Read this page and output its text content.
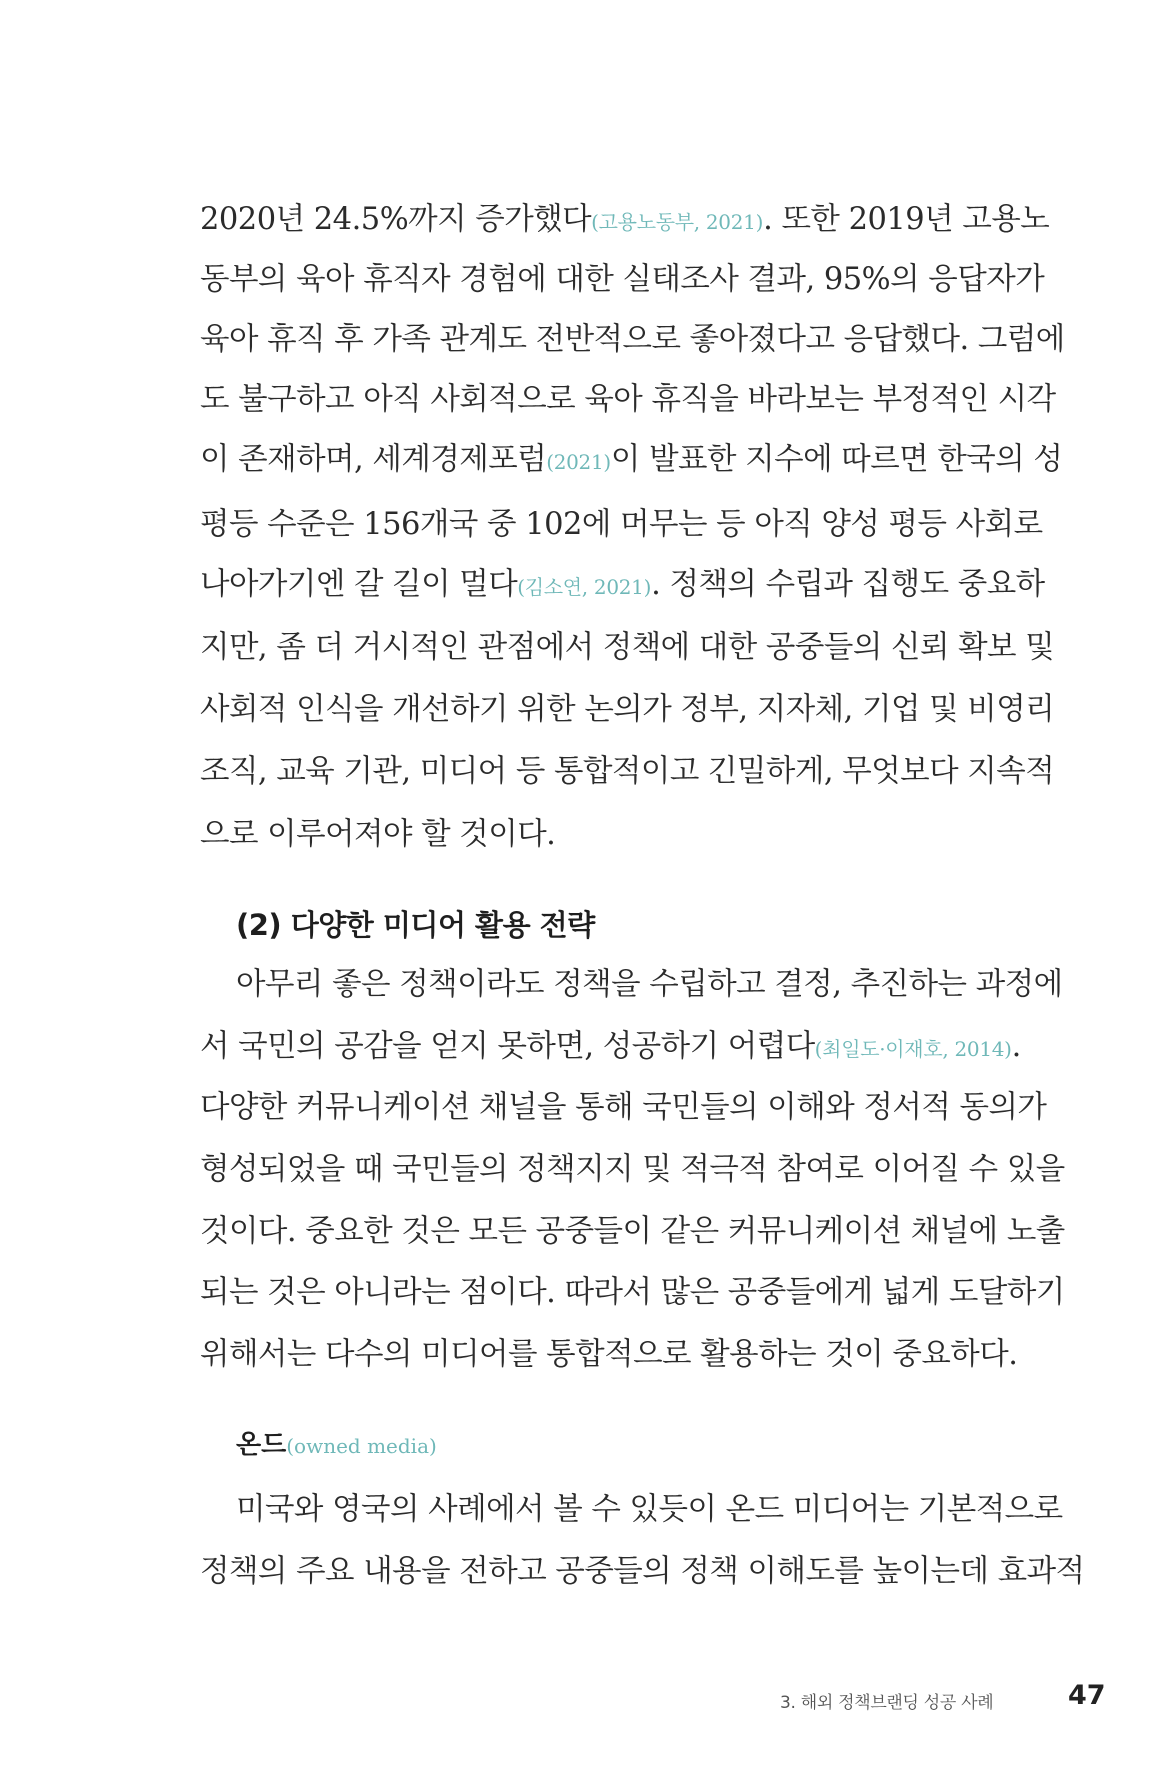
2020년 24.5%까지 증가했다(고용노동부, 2021). 또한 2019년 고용노
동부의 육아 휴직자 경험에 대한 실태조사 결과, 95%의 응답자가
육아 휴직 후 가족 관계도 전반적으로 좋아졌다고 응답했다. 그럼에
도 불구하고 아직 사회적으로 육아 휴직을 바라보는 부정적인 시각
이 존재하며, 세계경제포럼(2021)이 발표한 지수에 따르면 한국의 성
평등 수준은 156개국 중 102에 머무는 등 아직 양성 평등 사회로
나아가기엔 갈 길이 멀다(김소연, 2021). 정책의 수립과 집행도 중요하
지만, 좀 더 거시적인 관점에서 정책에 대한 공중들의 신뢰 확보 및
사회적 인식을 개선하기 위한 논의가 정부, 지자체, 기업 및 비영리
조직, 교육 기관, 미디어 등 통합적이고 긴밀하게, 무엇보다 지속적
으로 이루어져야 할 것이다.
(2) 다양한 미디어 활용 전략
아무리 좋은 정책이라도 정책을 수립하고 결정, 추진하는 과정에
서 국민의 공감을 얻지 못하면, 성공하기 어렵다(최일도·이재호, 2014).
다양한 커뮤니케이션 채널을 통해 국민들의 이해와 정서적 동의가
형성되었을 때 국민들의 정책지지 및 적극적 참여로 이어질 수 있을
것이다. 중요한 것은 모든 공중들이 같은 커뮤니케이션 채널에 노출
되는 것은 아니라는 점이다. 따라서 많은 공중들에게 넓게 도달하기
위해서는 다수의 미디어를 통합적으로 활용하는 것이 중요하다.
온드(owned media)
미국와 영국의 사례에서 볼 수 있듯이 온드 미디어는 기본적으로
정책의 주요 내용을 전하고 공중들의 정책 이해도를 높이는데 효과적
3. 해외 정책브랜딩 성공 사례	47
